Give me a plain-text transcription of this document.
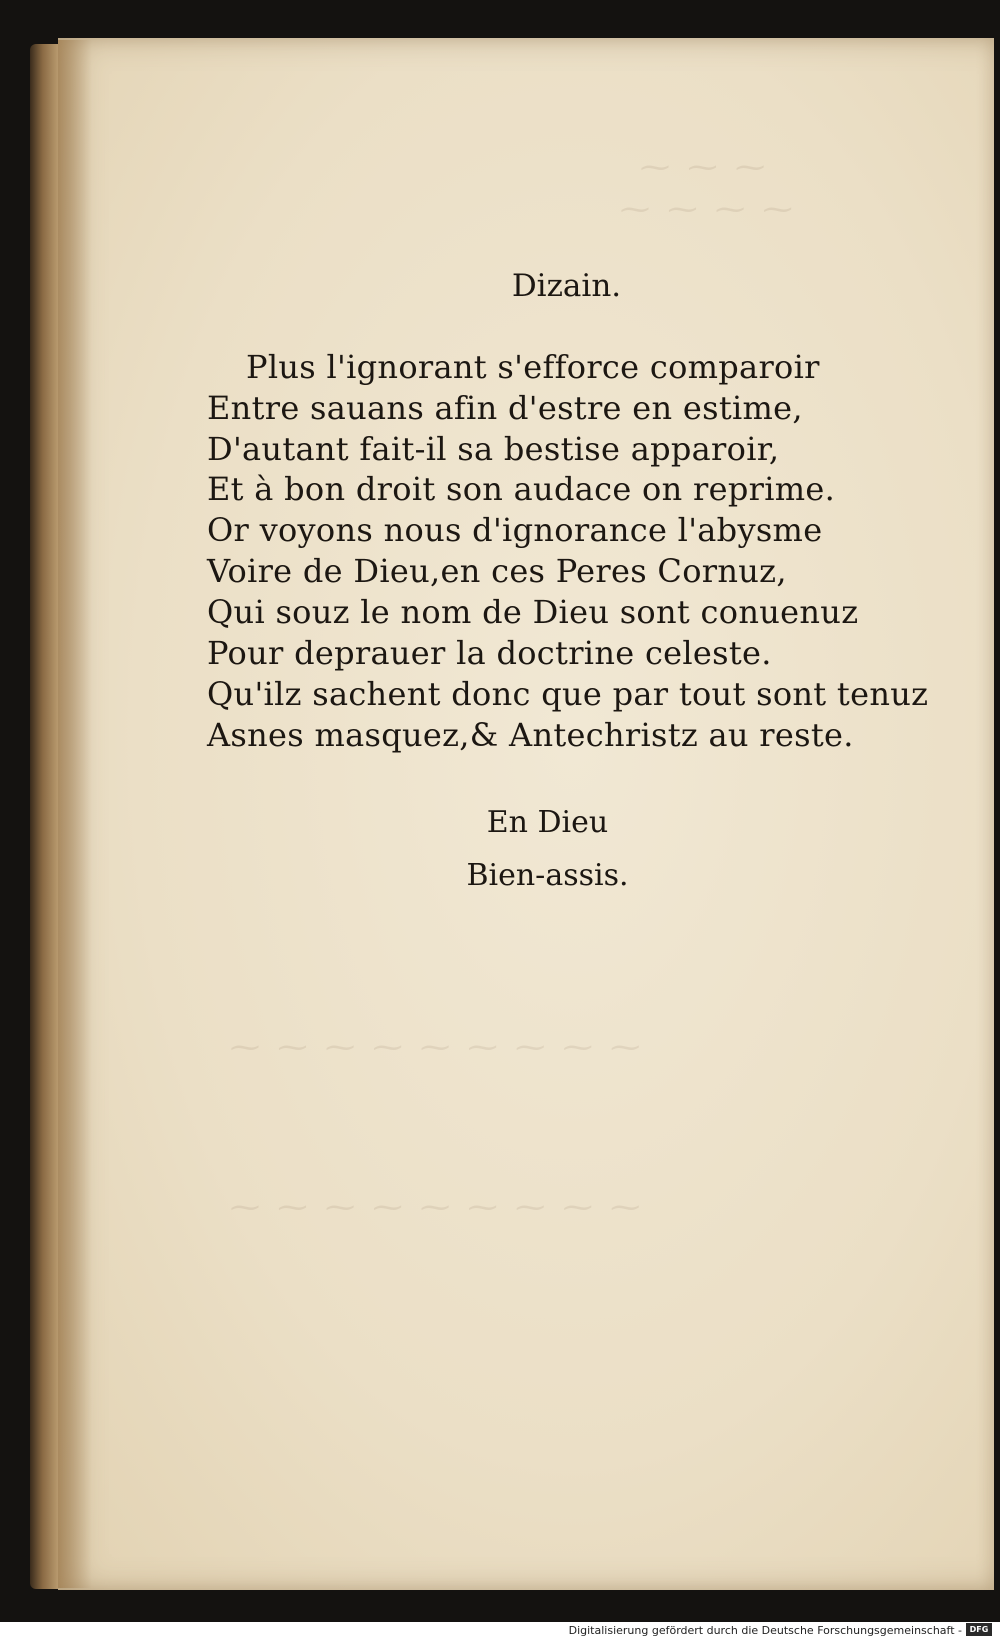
⁓ ⁓ ⁓
⁓ ⁓ ⁓ ⁓
⁓ ⁓ ⁓ ⁓ ⁓ ⁓ ⁓ ⁓ ⁓
⁓ ⁓ ⁓ ⁓ ⁓ ⁓ ⁓ ⁓ ⁓
Dizain.
Plus l'ignorant s'efforce comparoir
Entre sauans afin d'estre en estime,
D'autant fait-il sa bestise apparoir,
Et à bon droit son audace on reprime.
Or voyons nous d'ignorance l'abysme
Voire de Dieu,en ces Peres Cornuz,
Qui souz le nom de Dieu sont conuenuz
Pour deprauer la doctrine celeste.
Qu'ilz sachent donc que par tout sont tenuz
Asnes masquez,& Antechristz au reste.
En Dieu
Bien-assis.
Digitalisierung gefördert durch die Deutsche Forschungsgemeinschaft - DFG
